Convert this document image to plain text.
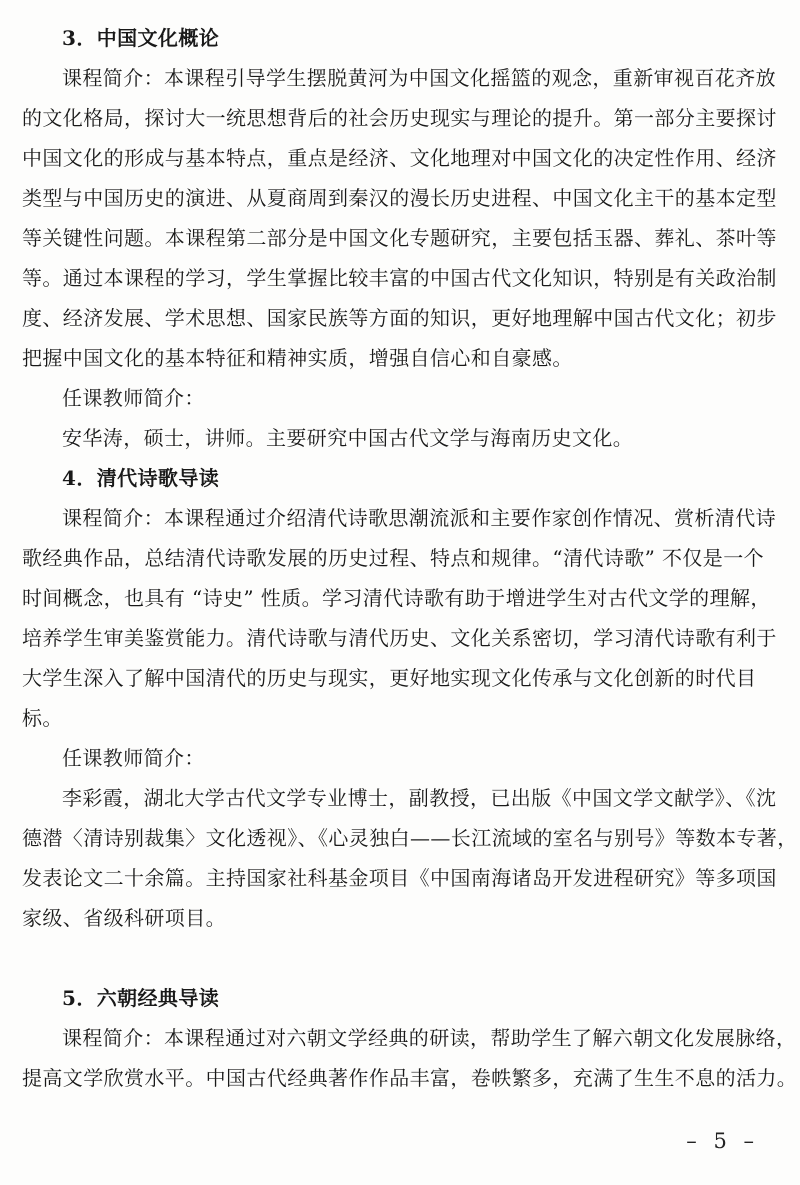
3．中国文化概论
课程简介：本课程引导学生摆脱黄河为中国文化摇篮的观念，重新审视百花齐放
的文化格局，探讨大一统思想背后的社会历史现实与理论的提升。第一部分主要探讨
中国文化的形成与基本特点，重点是经济、文化地理对中国文化的决定性作用、经济
类型与中国历史的演进、从夏商周到秦汉的漫长历史进程、中国文化主干的基本定型
等关键性问题。本课程第二部分是中国文化专题研究，主要包括玉器、葬礼、茶叶等
等。通过本课程的学习，学生掌握比较丰富的中国古代文化知识，特别是有关政治制
度、经济发展、学术思想、国家民族等方面的知识，更好地理解中国古代文化；初步
把握中国文化的基本特征和精神实质，增强自信心和自豪感。
任课教师简介：
安华涛，硕士，讲师。主要研究中国古代文学与海南历史文化。
4．清代诗歌导读
课程简介：本课程通过介绍清代诗歌思潮流派和主要作家创作情况、赏析清代诗
歌经典作品，总结清代诗歌发展的历史过程、特点和规律。“清代诗歌” 不仅是一个
时间概念，也具有 “诗史” 性质。学习清代诗歌有助于增进学生对古代文学的理解，
培养学生审美鉴赏能力。清代诗歌与清代历史、文化关系密切，学习清代诗歌有利于
大学生深入了解中国清代的历史与现实，更好地实现文化传承与文化创新的时代目
标。
任课教师简介：
李彩霞，湖北大学古代文学专业博士，副教授，已出版《中国文学文献学》、《沈
德潜〈清诗别裁集〉文化透视》、《心灵独白——长江流域的室名与别号》等数本专著，
发表论文二十余篇。主持国家社科基金项目《中国南海诸岛开发进程研究》等多项国
家级、省级科研项目。
5．六朝经典导读
课程简介：本课程通过对六朝文学经典的研读，帮助学生了解六朝文化发展脉络，
提高文学欣赏水平。中国古代经典著作作品丰富，卷帙繁多，充满了生生不息的活力。
– 5 –
